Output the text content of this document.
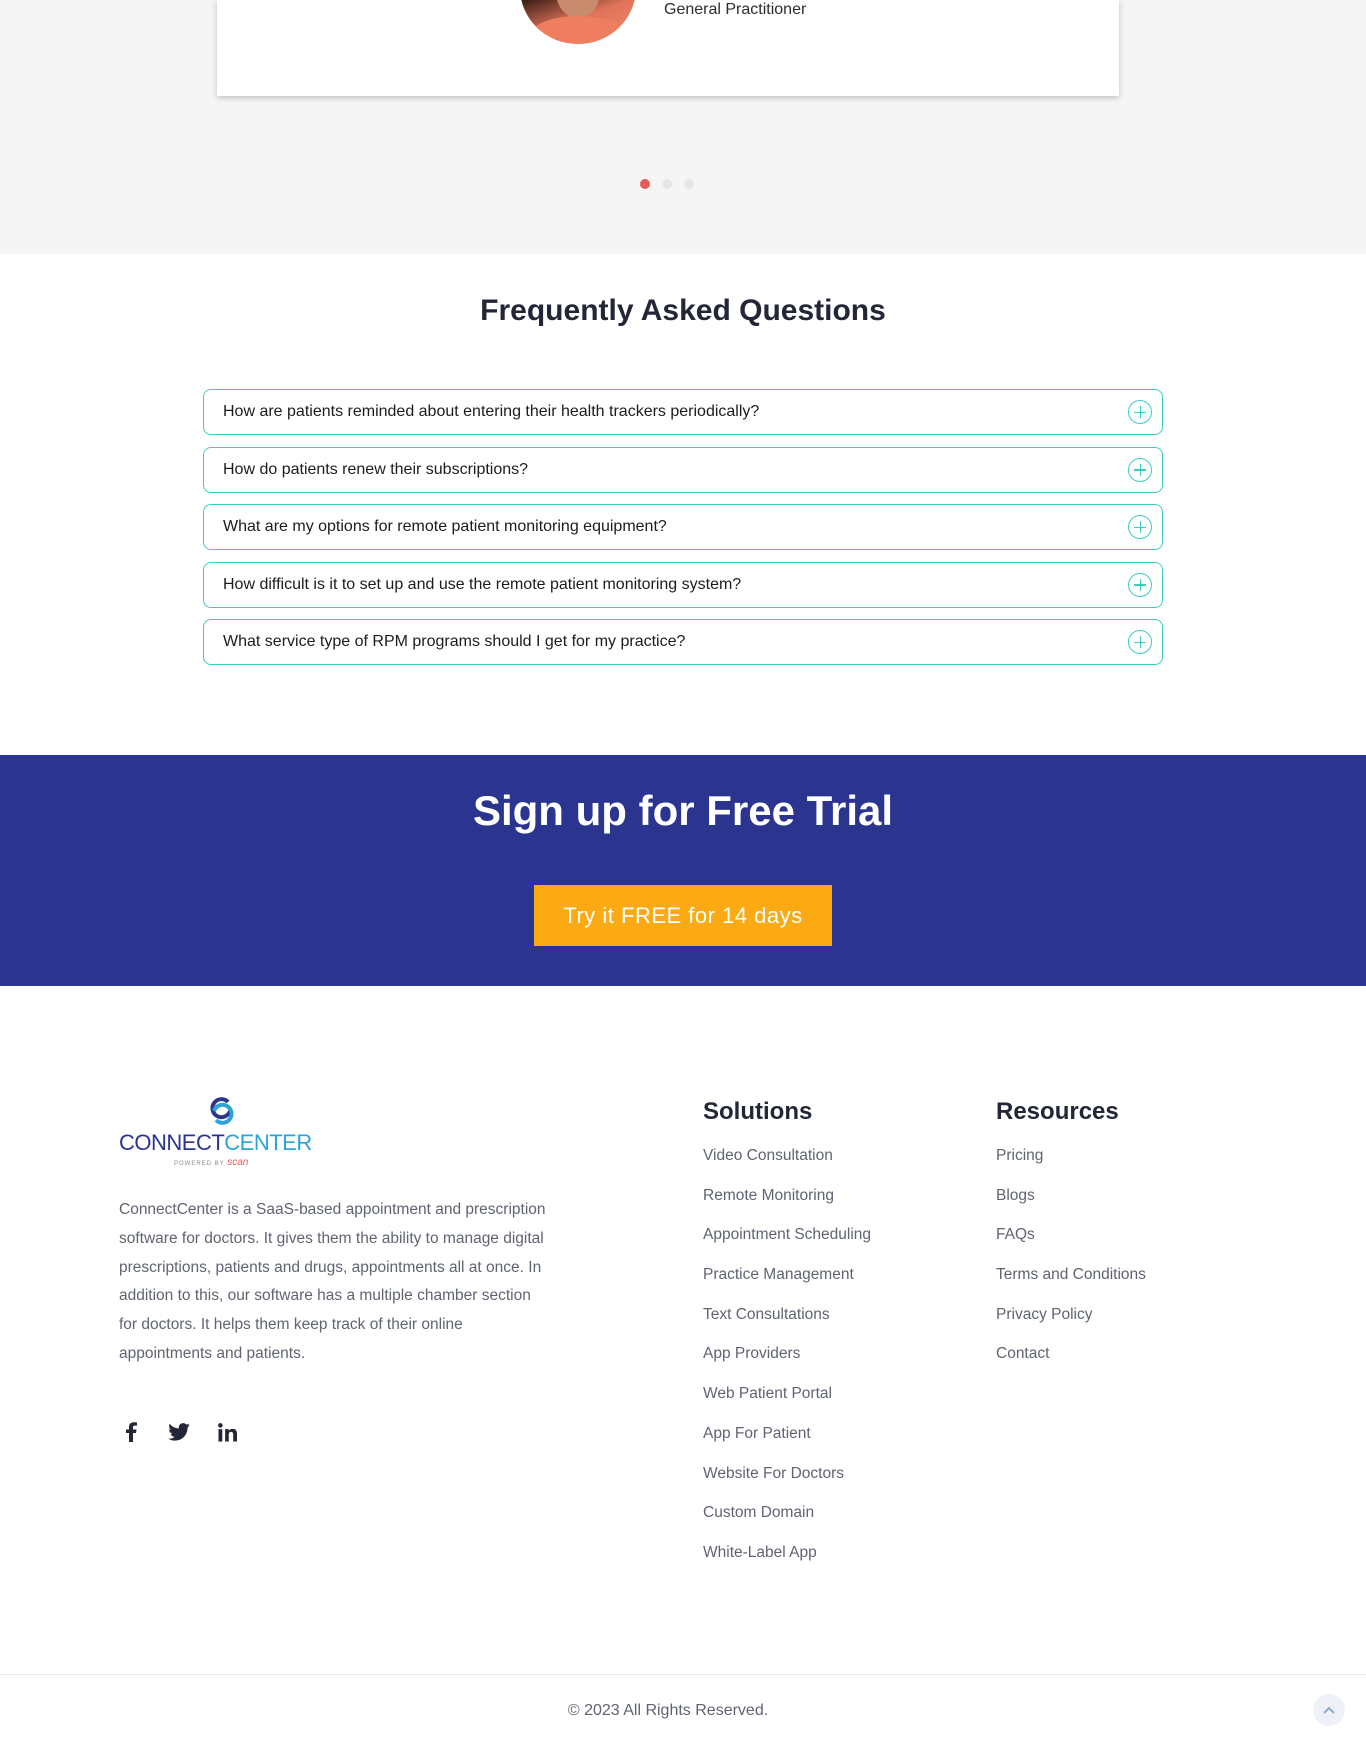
General Practitioner
Frequently Asked Questions
How are patients reminded about entering their health trackers periodically?
How do patients renew their subscriptions?
What are my options for remote patient monitoring equipment?
How difficult is it to set up and use the remote patient monitoring system?
What service type of RPM programs should I get for my practice?
Sign up for Free Trial
Try it FREE for 14 days
CONNECTCENTER
POWERED BY scan

ConnectCenter is a SaaS-based appointment and prescription software for doctors. It gives them the ability to manage digital prescriptions, patients and drugs, appointments all at once. In addition to this, our software has a multiple chamber section for doctors. It helps them keep track of their online appointments and patients.

Solutions
Video Consultation
Remote Monitoring
Appointment Scheduling
Practice Management
Text Consultations
App Providers
Web Patient Portal
App For Patient
Website For Doctors
Custom Domain
White-Label App
Resources
Pricing
Blogs
FAQs
Terms and Conditions
Privacy Policy
Contact
© 2023 All Rights Reserved.
